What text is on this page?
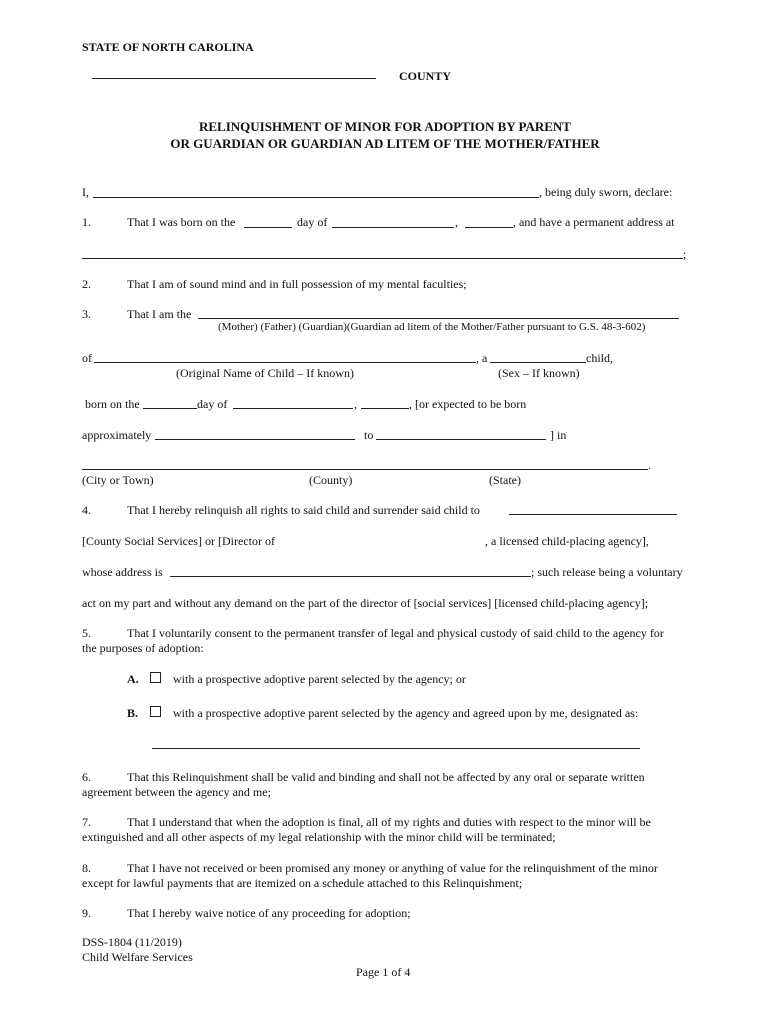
STATE OF NORTH CAROLINA
COUNTY
RELINQUISHMENT OF MINOR FOR ADOPTION BY PARENT
OR GUARDIAN OR GUARDIAN AD LITEM OF THE MOTHER/FATHER
I,	, being duly sworn, declare:
1.	That I was born on the	day of	,	, and have a permanent address at
;
2.	That I am of sound mind and in full possession of my mental faculties;
3.	That I am the
(Mother) (Father) (Guardian)(Guardian ad litem of the Mother/Father pursuant to G.S. 48-3-602)
of	, a	child,
(Original Name of Child – If known)	(Sex – If known)
born on the	day of	,	, [or expected to be born
approximately	to	] in
.
(City or Town)	(County)	(State)
4.	That I hereby relinquish all rights to said child and surrender said child to
[County Social Services] or [Director of	, a licensed child-placing agency],
whose address is	; such release being a voluntary
act on my part and without any demand on the part of the director of [social services] [licensed child-placing agency];
5.	That I voluntarily consent to the permanent transfer of legal and physical custody of said child to the agency for
the purposes of adoption:
A.	with a prospective adoptive parent selected by the agency; or
B.	with a prospective adoptive parent selected by the agency and agreed upon by me, designated as:
6.	That this Relinquishment shall be valid and binding and shall not be affected by any oral or separate written
agreement between the agency and me;
7.	That I understand that when the adoption is final, all of my rights and duties with respect to the minor will be
extinguished and all other aspects of my legal relationship with the minor child will be terminated;
8.	That I have not received or been promised any money or anything of value for the relinquishment of the minor
except for lawful payments that are itemized on a schedule attached to this Relinquishment;
9.	That I hereby waive notice of any proceeding for adoption;
DSS-1804 (11/2019)
Child Welfare Services
Page 1 of 4
